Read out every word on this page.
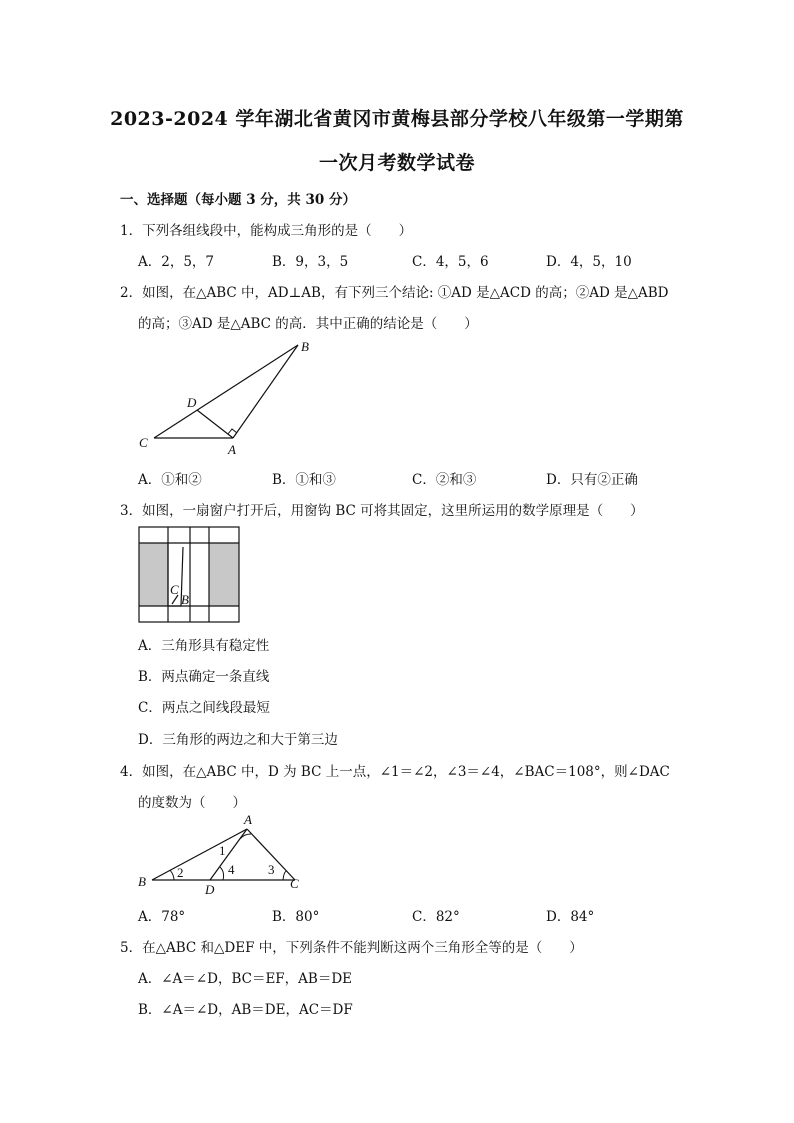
2023-2024 学年湖北省黄冈市黄梅县部分学校八年级第一学期第
一次月考数学试卷
一、选择题（每小题 3 分，共 30 分）
1．下列各组线段中，能构成三角形的是（　　）
A．2，5，7	B．9，3，5	C．4，5，6	D．4，5，10
2．如图，在△ABC 中，AD⊥AB，有下列三个结论: ①AD 是△ACD 的高；②AD 是△ABD
的高；③AD 是△ABC 的高．其中正确的结论是（　　）
B
D
C	A
A．①和②	B．①和③	C．②和③	D．只有②正确
3．如图，一扇窗户打开后，用窗钩 BC 可将其固定，这里所运用的数学原理是（　　）
C
B
A．三角形具有稳定性
B．两点确定一条直线
C．两点之间线段最短
D．三角形的两边之和大于第三边
4．如图，在△ABC 中，D 为 BC 上一点，∠1＝∠2，∠3＝∠4，∠BAC＝108°，则∠DAC
的度数为（　　）
A
1
2	4	3
B
D	C
A．78°	B．80°	C．82°	D．84°
5．在△ABC 和△DEF 中，下列条件不能判断这两个三角形全等的是（　　）
A．∠A＝∠D，BC＝EF，AB＝DE
B．∠A＝∠D，AB＝DE，AC＝DF
